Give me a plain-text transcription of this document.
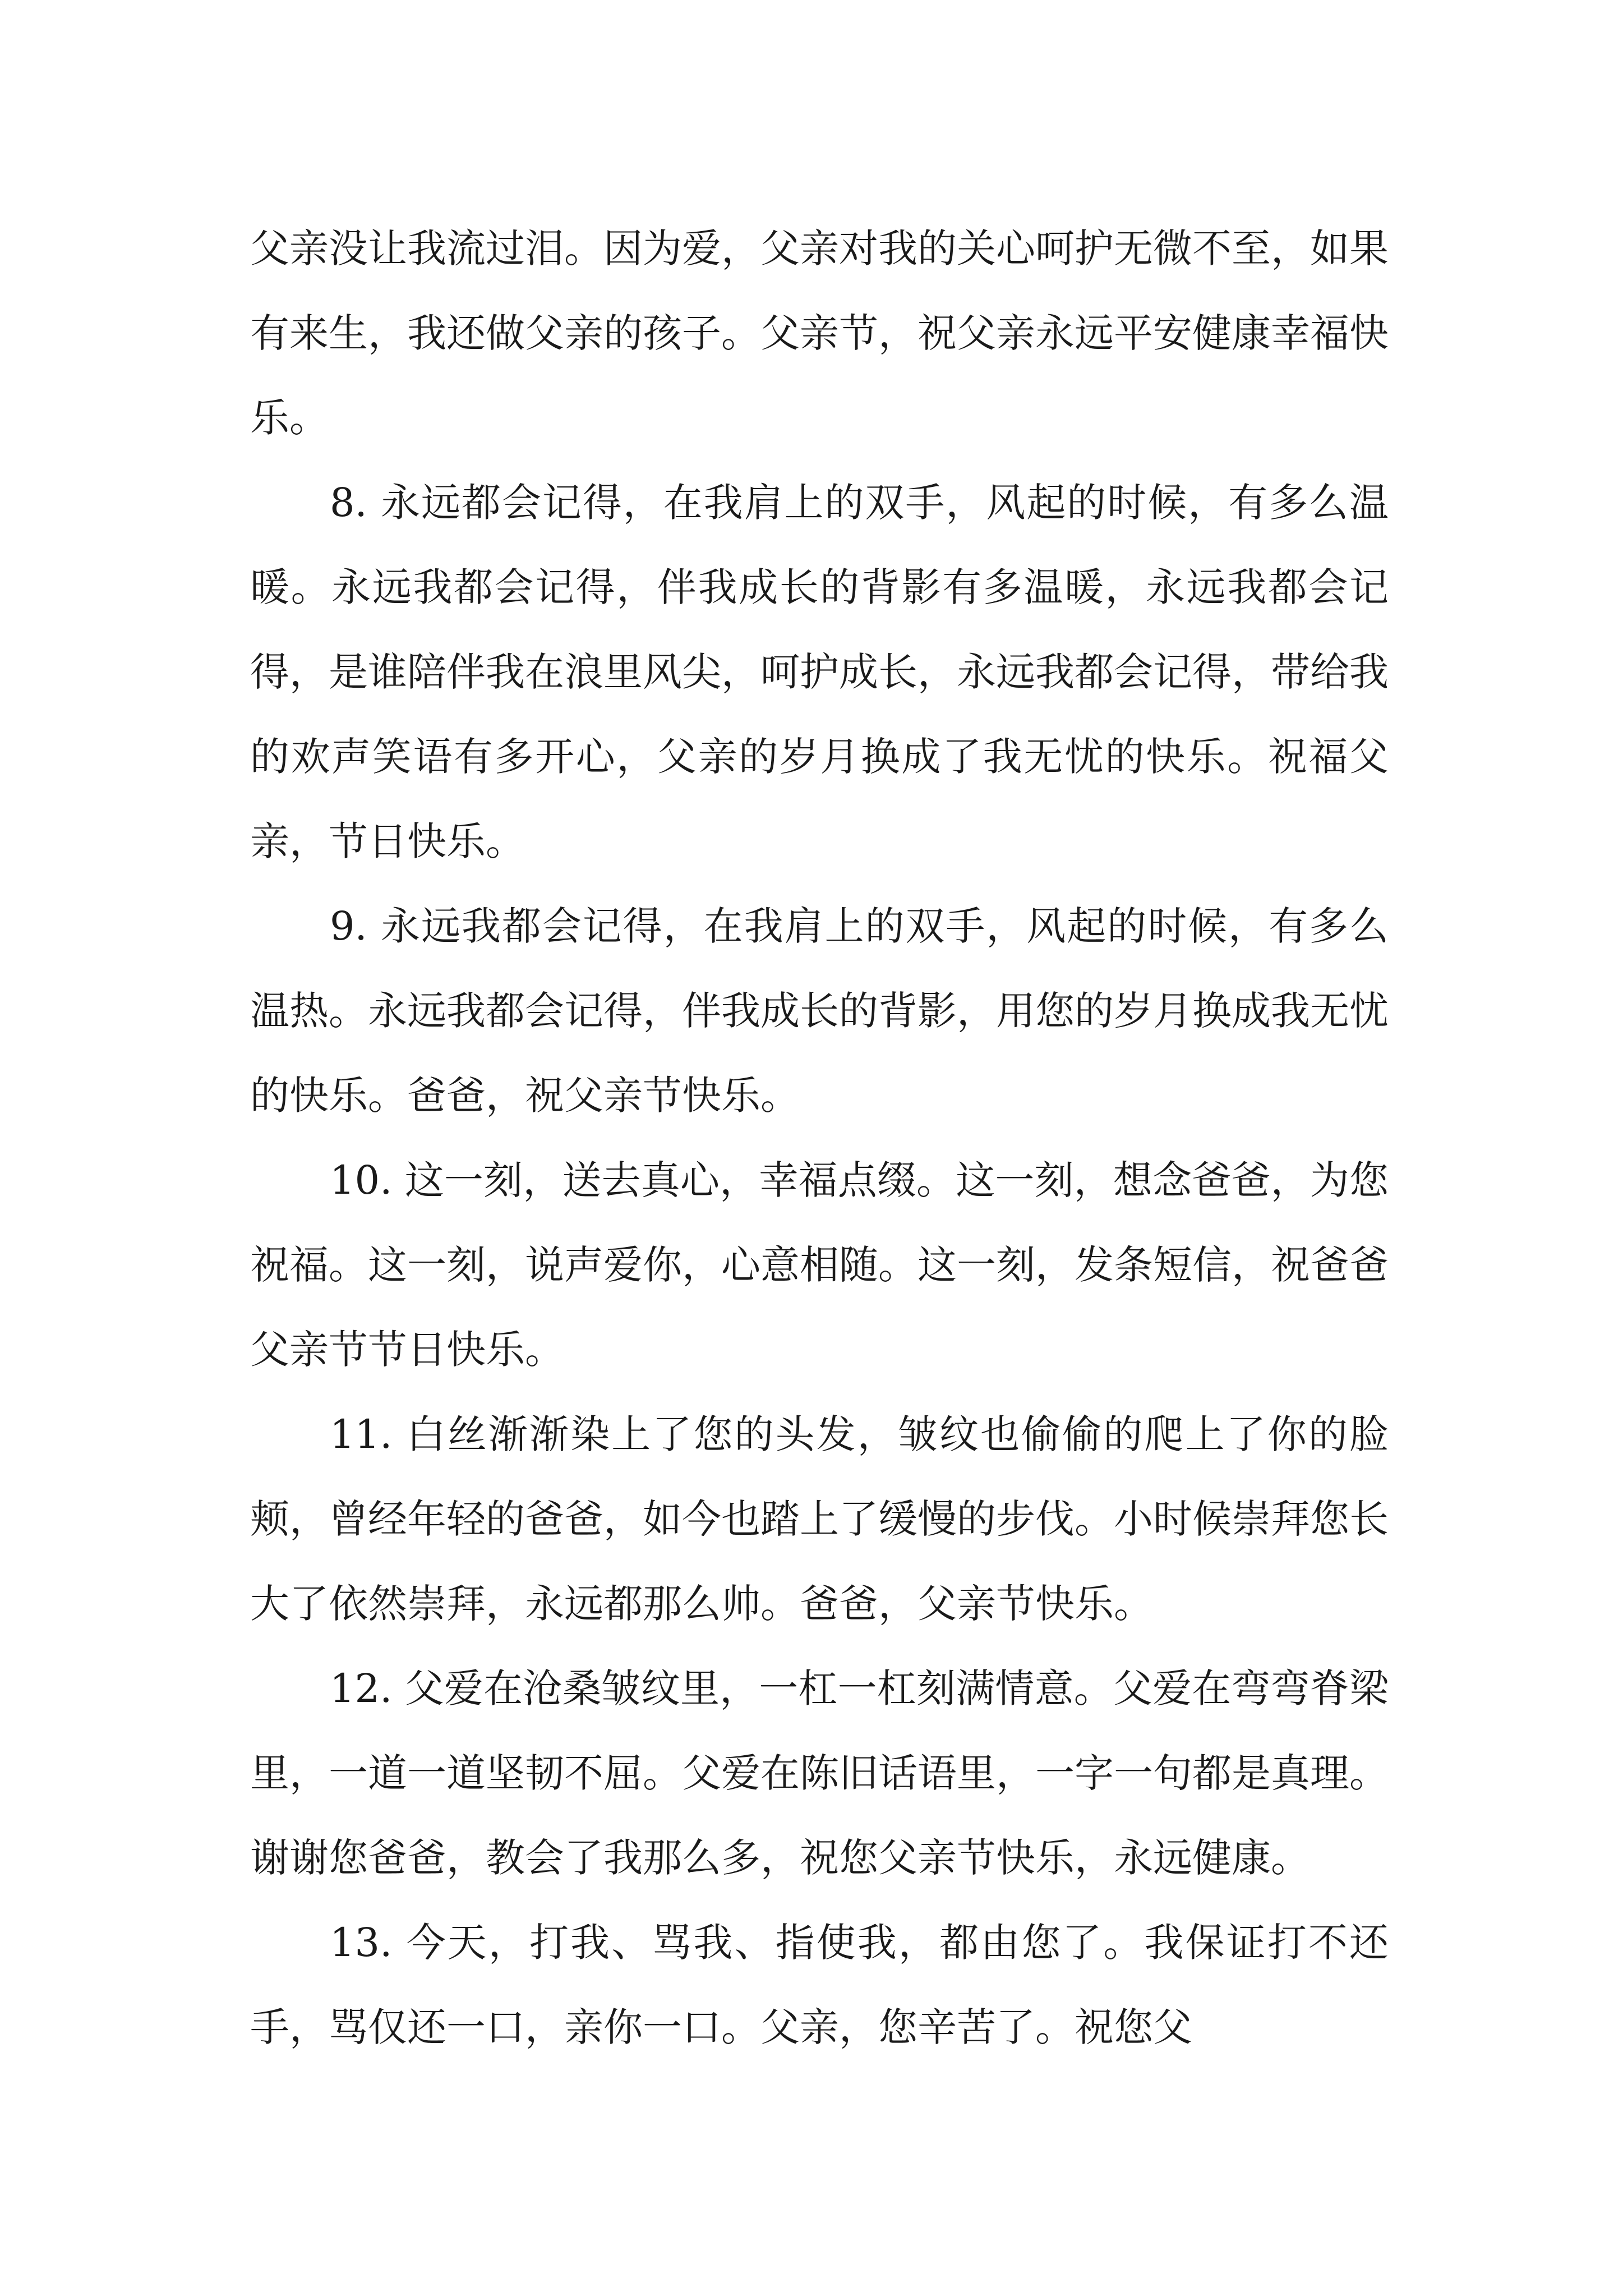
父亲没让我流过泪。因为爱，父亲对我的关心呵护无微不至，如果有来生，我还做父亲的孩子。父亲节，祝父亲永远平安健康幸福快乐。

8. 永远都会记得，在我肩上的双手，风起的时候，有多么温暖。永远我都会记得，伴我成长的背影有多温暖，永远我都会记得，是谁陪伴我在浪里风尖，呵护成长，永远我都会记得，带给我的欢声笑语有多开心，父亲的岁月换成了我无忧的快乐。祝福父亲，节日快乐。

9. 永远我都会记得，在我肩上的双手，风起的时候，有多么温热。永远我都会记得，伴我成长的背影，用您的岁月换成我无忧的快乐。爸爸，祝父亲节快乐。

10. 这一刻，送去真心，幸福点缀。这一刻，想念爸爸，为您祝福。这一刻，说声爱你，心意相随。这一刻，发条短信，祝爸爸父亲节节日快乐。

11. 白丝渐渐染上了您的头发，皱纹也偷偷的爬上了你的脸颊，曾经年轻的爸爸，如今也踏上了缓慢的步伐。小时候崇拜您长大了依然崇拜，永远都那么帅。爸爸，父亲节快乐。

12. 父爱在沧桑皱纹里，一杠一杠刻满情意。父爱在弯弯脊梁里，一道一道坚韧不屈。父爱在陈旧话语里，一字一句都是真理。谢谢您爸爸，教会了我那么多，祝您父亲节快乐，永远健康。

13. 今天，打我、骂我、指使我，都由您了。我保证打不还手，骂仅还一口，亲你一口。父亲，您辛苦了。祝您父
